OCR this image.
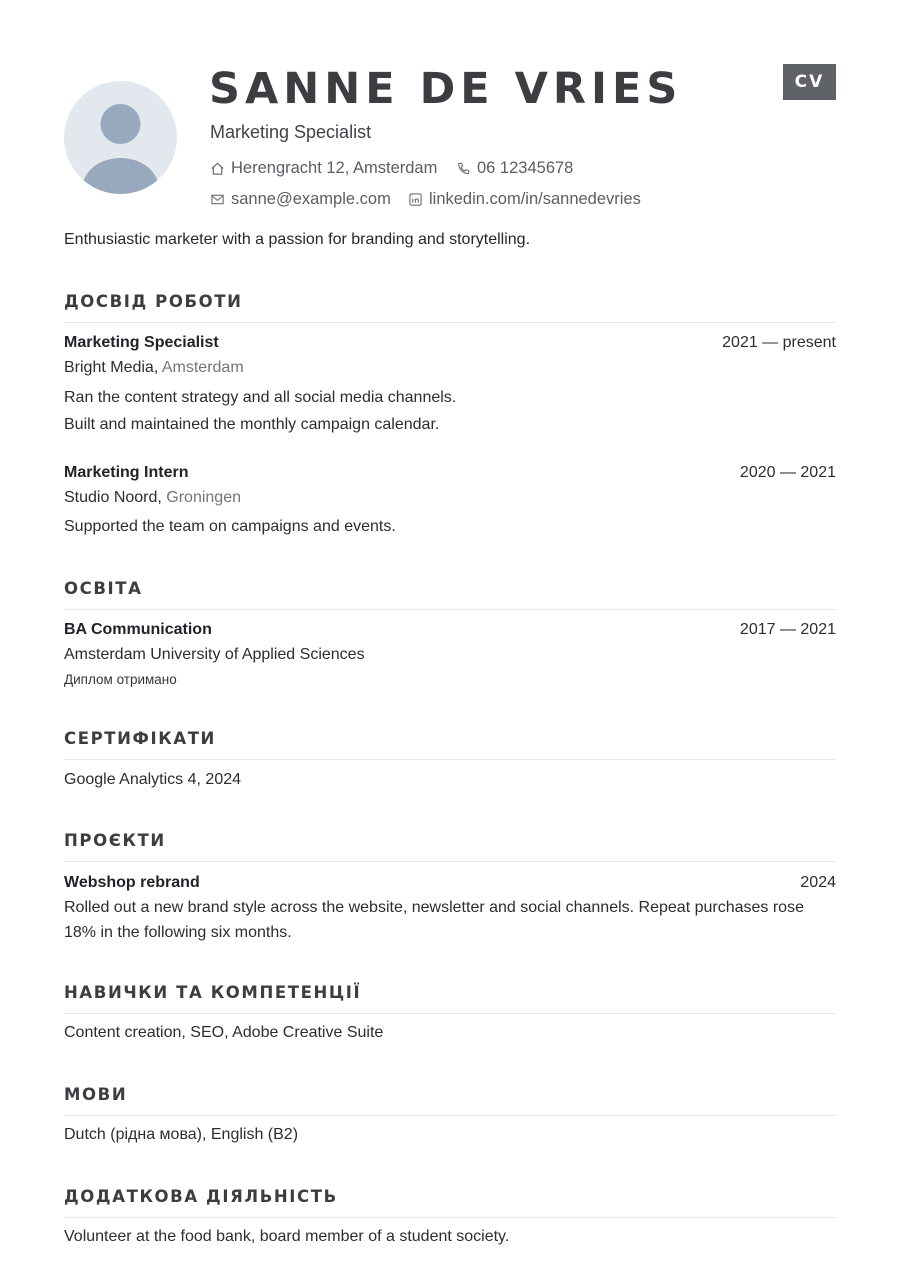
SANNE DE VRIES	CV
Marketing Specialist
Herengracht 12, Amsterdam 06 12345678
sanne@example.com linkedin.com/in/sannedevries
Enthusiastic marketer with a passion for branding and storytelling.
ДОСВІД РОБОТИ
Marketing Specialist	2021 — present
Bright Media, Amsterdam
Ran the content strategy and all social media channels.
Built and maintained the monthly campaign calendar.
Marketing Intern	2020 — 2021
Studio Noord, Groningen
Supported the team on campaigns and events.
ОСВІТА
BA Communication	2017 — 2021
Amsterdam University of Applied Sciences
Диплом отримано
СЕРТИФІКАТИ
Google Analytics 4, 2024
ПРОЄКТИ
Webshop rebrand	2024
Rolled out a new brand style across the website, newsletter and social channels. Repeat purchases rose 18% in the following six months.
НАВИЧКИ ТА КОМПЕТЕНЦІЇ
Content creation, SEO, Adobe Creative Suite
МОВИ
Dutch (рідна мова), English (B2)
ДОДАТКОВА ДІЯЛЬНІСТЬ
Volunteer at the food bank, board member of a student society.
